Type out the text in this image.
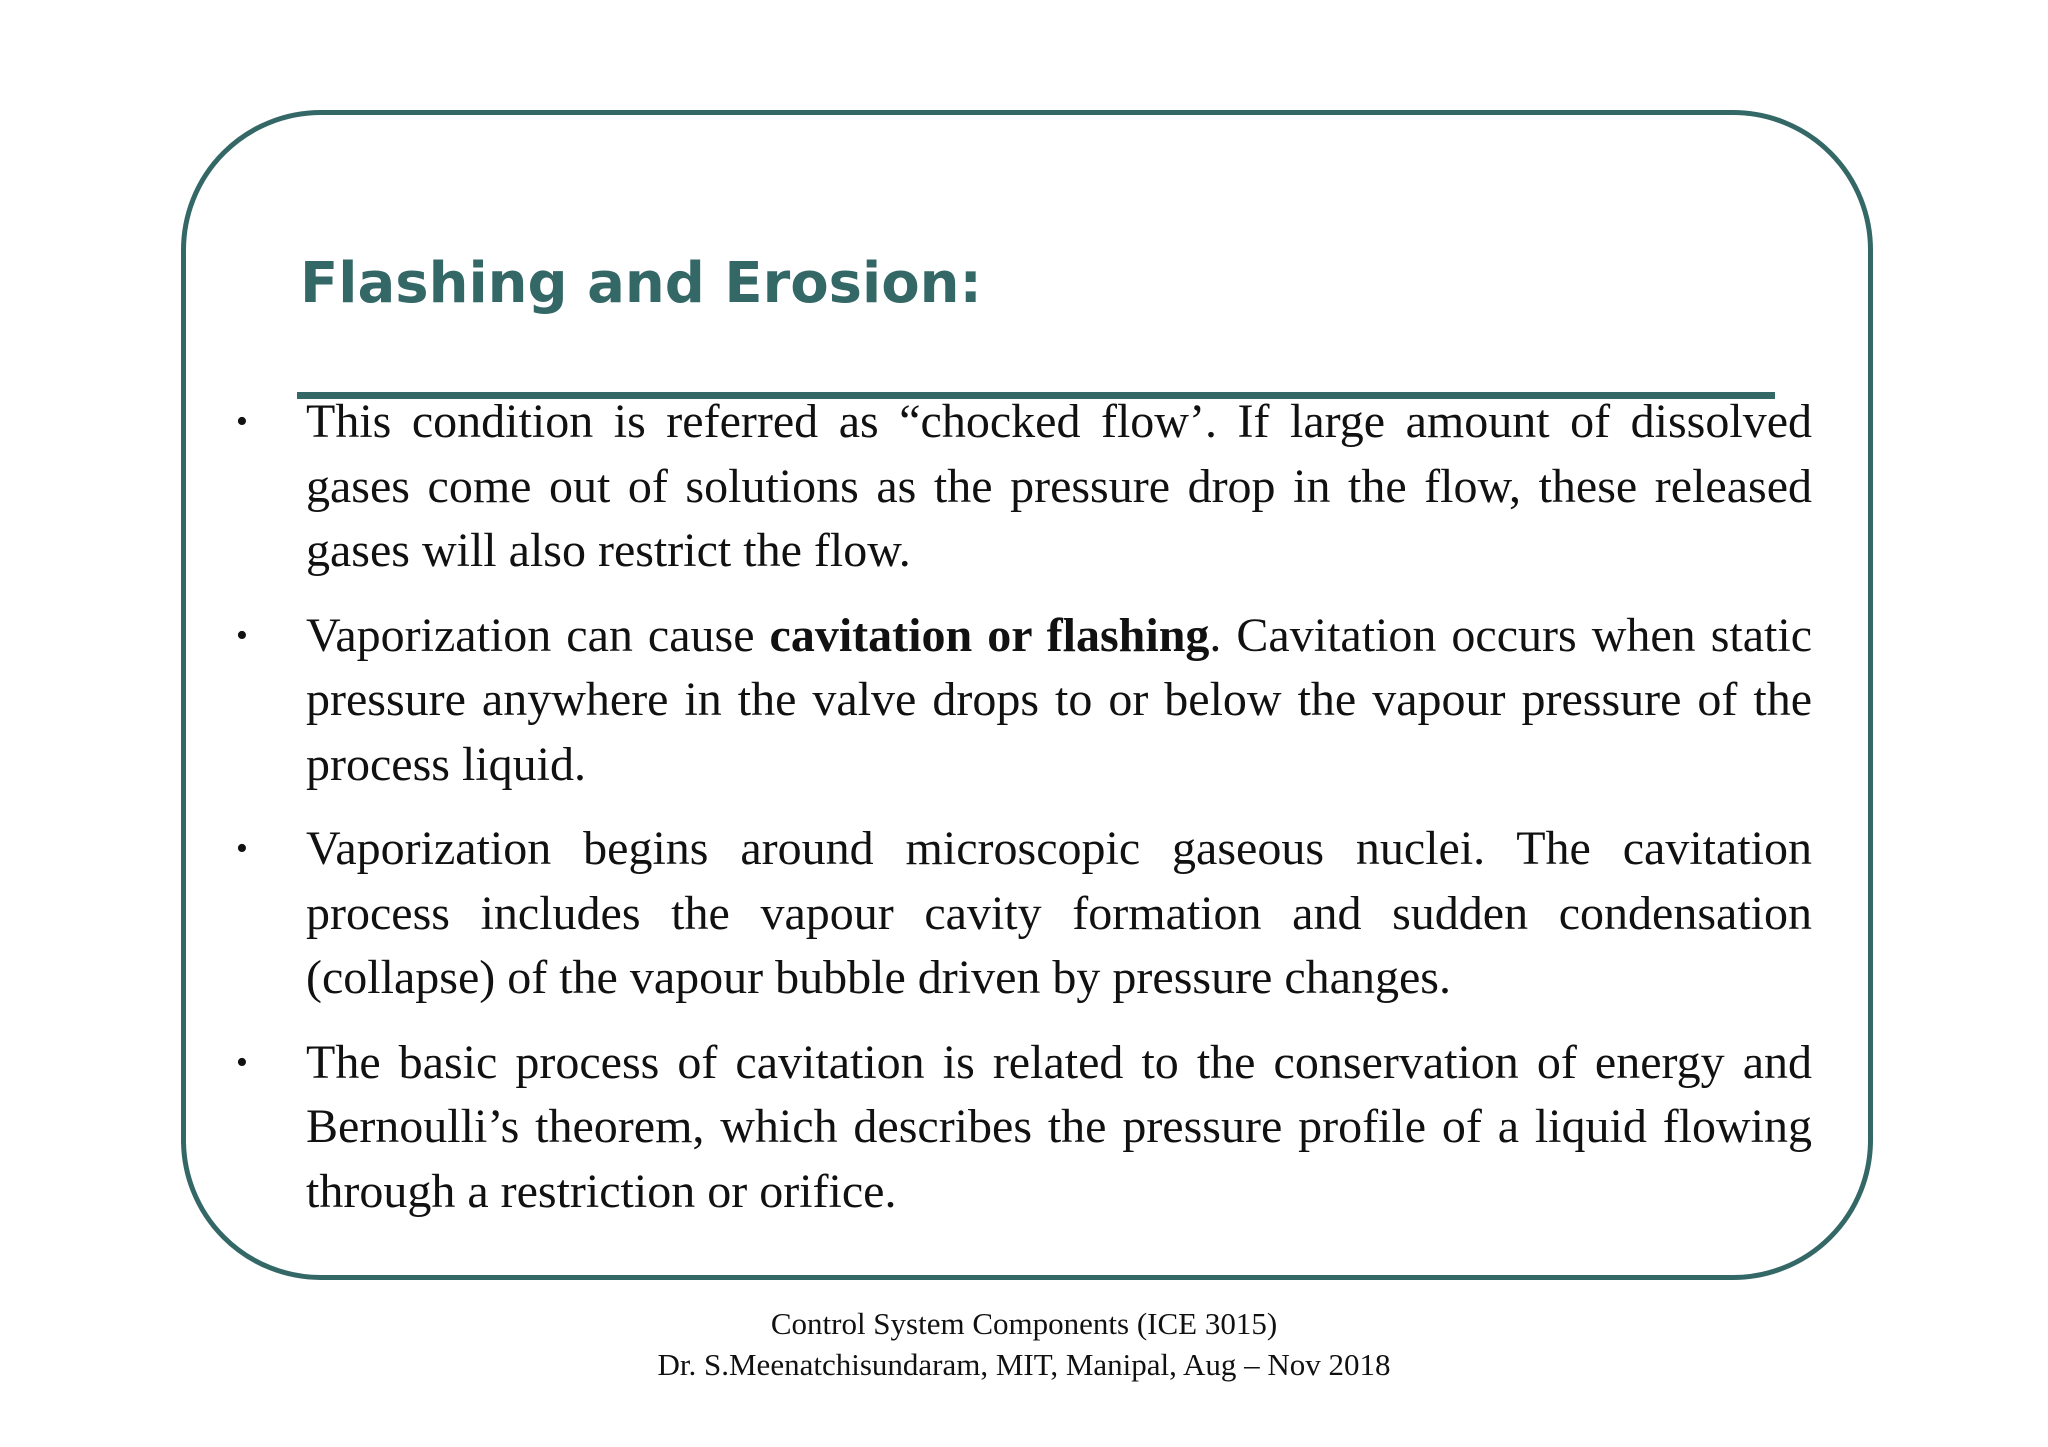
Flashing and Erosion:
•	This condition is referred as “chocked flow’. If large amount of dissolved gases come out of solutions as the pressure drop in the flow, these released gases will also restrict the flow.
•	Vaporization can cause cavitation or flashing. Cavitation occurs when static pressure anywhere in the valve drops to or below the vapour pressure of the process liquid.
•	Vaporization begins around microscopic gaseous nuclei. The cavitation process includes the vapour cavity formation and sudden condensation (collapse) of the vapour bubble driven by pressure changes.
•	The basic process of cavitation is related to the conservation of energy and Bernoulli’s theorem, which describes the pressure profile of a liquid flowing through a restriction or orifice.
Control System Components (ICE 3015)
Dr. S.Meenatchisundaram, MIT, Manipal, Aug – Nov 2018
